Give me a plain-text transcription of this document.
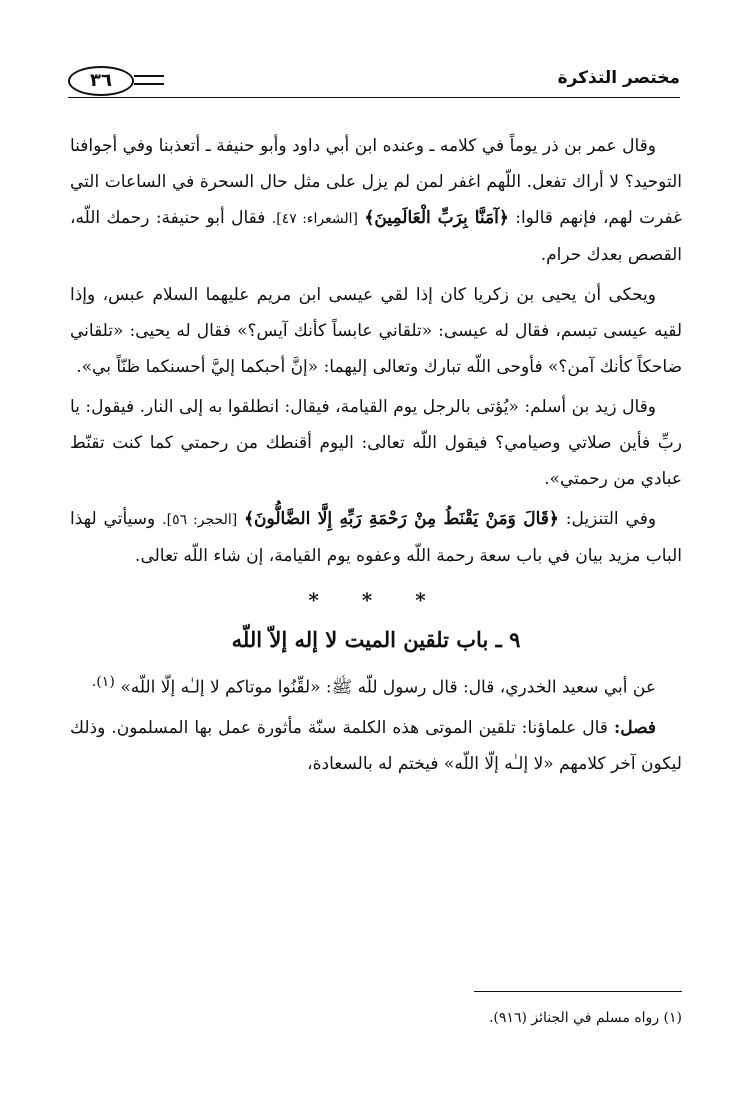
٣٦	مختصر التذكرة

وقال عمر بن ذر يوماً في كلامه ـ وعنده ابن أبي داود وأبو حنيفة ـ أتعذبنا وفي أجوافنا التوحيد؟ لا أراك تفعل. اللّهم اغفر لمن لم يزل على مثل حال السحرة في الساعات التي غفرت لهم، فإنهم قالوا: ﴿آمَنَّا بِرَبِّ الْعَالَمِينَ﴾ [الشعراء: ٤٧]. فقال أبو حنيفة: رحمك اللّه، القصص بعدك حرام.

ويحكى أن يحيى بن زكريا كان إذا لقي عيسى ابن مريم عليهما السلام عبس، وإذا لقيه عيسى تبسم، فقال له عيسى: «تلقاني عابساً كأنك آيس؟» فقال له يحيى: «تلقاني ضاحكاً كأنك آمن؟» فأوحى اللّه تبارك وتعالى إليهما: «إنَّ أحبكما إليَّ أحسنكما ظنّاً بي».

وقال زيد بن أسلم: «يُؤتى بالرجل يوم القيامة، فيقال: انطلقوا به إلى النار. فيقول: يا ربِّ فأين صلاتي وصيامي؟ فيقول اللّه تعالى: اليوم أقنطك من رحمتي كما كنت تقنّط عبادي من رحمتي».

وفي التنزيل: ﴿قَالَ وَمَنْ يَقْنَطُ مِنْ رَحْمَةِ رَبِّهِ إِلَّا الضَّالُّونَ﴾ [الحجر: ٥٦]. وسيأتي لهذا الباب مزيد بيان في باب سعة رحمة اللّه وعفوه يوم القيامة، إن شاء اللّه تعالى.

* * *
٩ ـ باب تلقين الميت لا إله إلاّ اللّه

عن أبي سعيد الخدري، قال: قال رسول للّه ﷺ: «لقِّنُوا موتاكم لا إلـٰه إلّا اللّه» $^{(١).}$

فصل: قال علماؤنا: تلقين الموتى هذه الكلمة سنّة مأثورة عمل بها المسلمون. وذلك ليكون آخر كلامهم «لا إلـٰه إلّا اللّه» فيختم له بالسعادة،

(١) رواه مسلم في الجنائز (٩١٦).
